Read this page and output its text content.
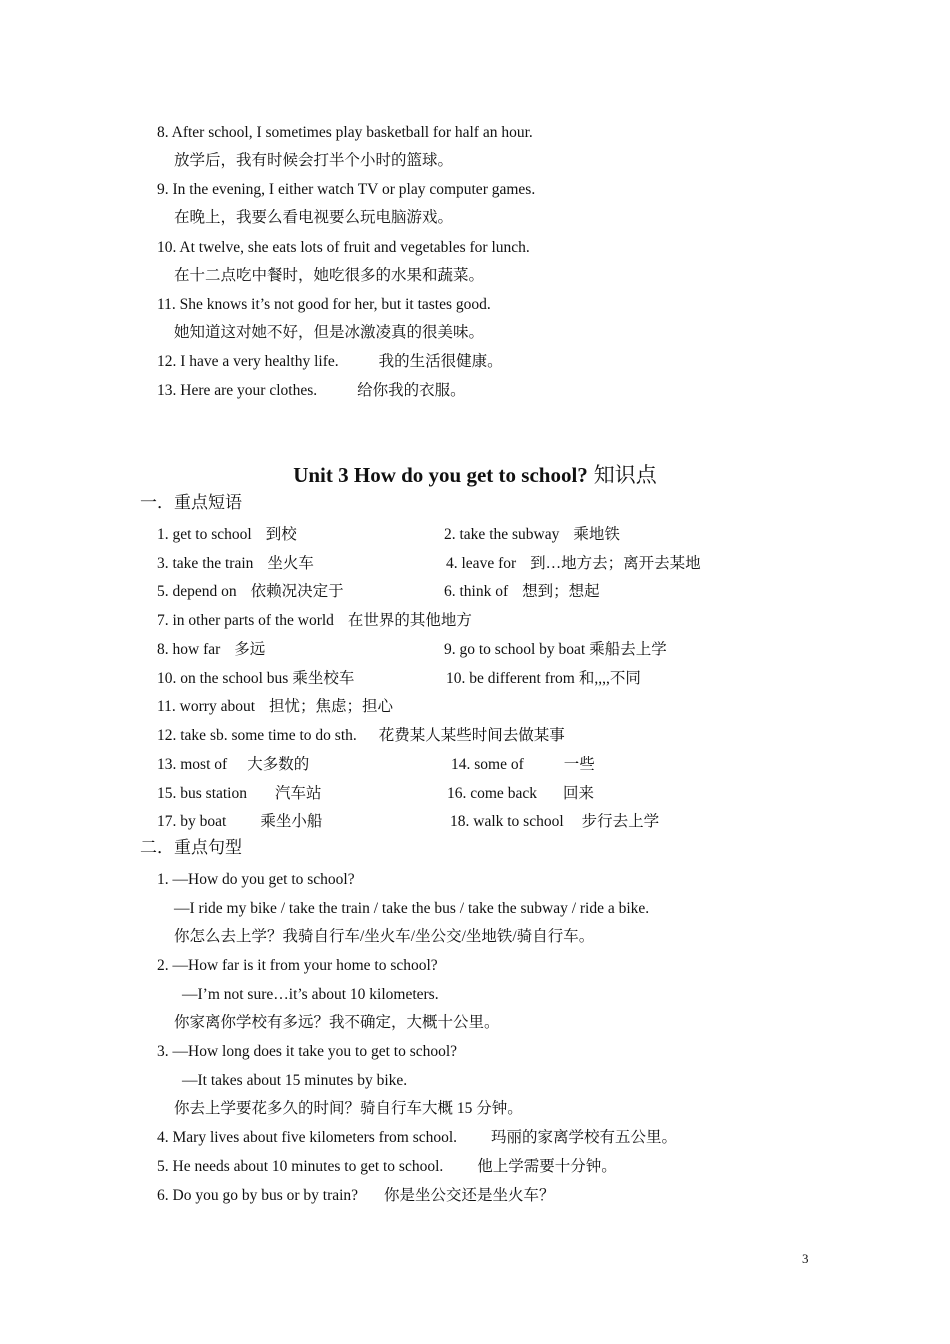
8. After school, I sometimes play basketball for half an hour.
放学后，我有时候会打半个小时的篮球。
9. In the evening, I either watch TV or play computer games.
在晚上，我要么看电视要么玩电脑游戏。
10. At twelve, she eats lots of fruit and vegetables for lunch.
在十二点吃中餐时，她吃很多的水果和蔬菜。
11. She knows it’s not good for her, but it tastes good.
她知道这对她不好，但是冰激凌真的很美味。
12. I have a very healthy life.	我的生活很健康。
13. Here are your clothes.	给你我的衣服。
Unit 3 How do you get to school? 知识点
一．重点短语
1. get to school 到校	2. take the subway 乘地铁
3. take the train 坐火车	4. leave for 到…地方去；离开去某地
5. depend on 依赖况决定于	6. think of 想到；想起
7. in other parts of the world 在世界的其他地方
8. how far 多远	9. go to school by boat 乘船去上学
10. on the school bus 乘坐校车	10. be different from 和,,,,不同
11. worry about 担忧；焦虑；担心
12. take sb. some time to do sth. 花费某人某些时间去做某事
13. most of 大多数的	14. some of	一些
15. bus station 汽车站	16. come back 回来
17. by boat 乘坐小船	18. walk to school 步行去上学
二．重点句型
1. —How do you get to school?
—I ride my bike / take the train / take the bus / take the subway / ride a bike.
你怎么去上学？我骑自行车/坐火车/坐公交/坐地铁/骑自行车。
2. —How far is it from your home to school?
—I’m not sure…it’s about 10 kilometers.
你家离你学校有多远？我不确定，大概十公里。
3. —How long does it take you to get to school?
—It takes about 15 minutes by bike.
你去上学要花多久的时间？骑自行车大概 15 分钟。
4. Mary lives about five kilometers from school. 玛丽的家离学校有五公里。
5. He needs about 10 minutes to get to school. 他上学需要十分钟。
6. Do you go by bus or by train? 你是坐公交还是坐火车？
3
